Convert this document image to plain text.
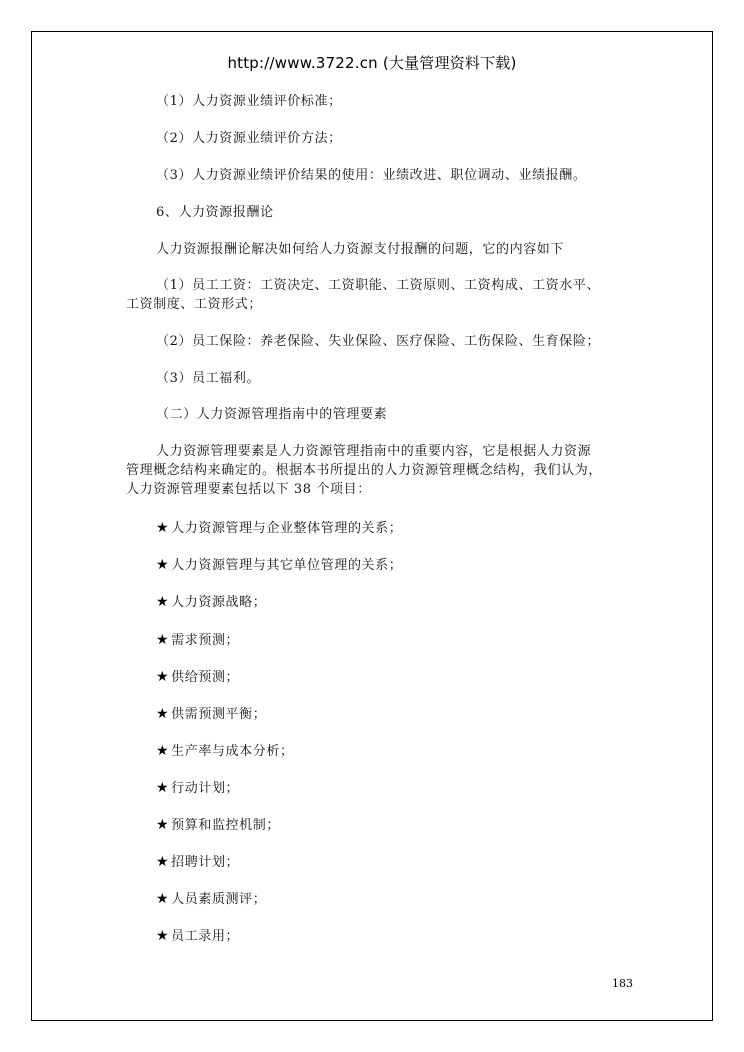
http://www.3722.cn (大量管理资料下载)
（1）人力资源业绩评价标准；
（2）人力资源业绩评价方法；
（3）人力资源业绩评价结果的使用：业绩改进、职位调动、业绩报酬。
6、人力资源报酬论
人力资源报酬论解决如何给人力资源支付报酬的问题，它的内容如下
（1）员工工资：工资决定、工资职能、工资原则、工资构成、工资水平、
工资制度、工资形式；
（2）员工保险：养老保险、失业保险、医疗保险、工伤保险、生育保险；
（3）员工福利。
（二）人力资源管理指南中的管理要素
人力资源管理要素是人力资源管理指南中的重要内容，它是根据人力资源
管理概念结构来确定的。根据本书所提出的人力资源管理概念结构，我们认为，
人力资源管理要素包括以下 38 个项目：
★ 人力资源管理与企业整体管理的关系；
★ 人力资源管理与其它单位管理的关系；
★ 人力资源战略；
★ 需求预测；
★ 供给预测；
★ 供需预测平衡；
★ 生产率与成本分析；
★ 行动计划；
★ 预算和监控机制；
★ 招聘计划；
★ 人员素质测评；
★ 员工录用；
183
